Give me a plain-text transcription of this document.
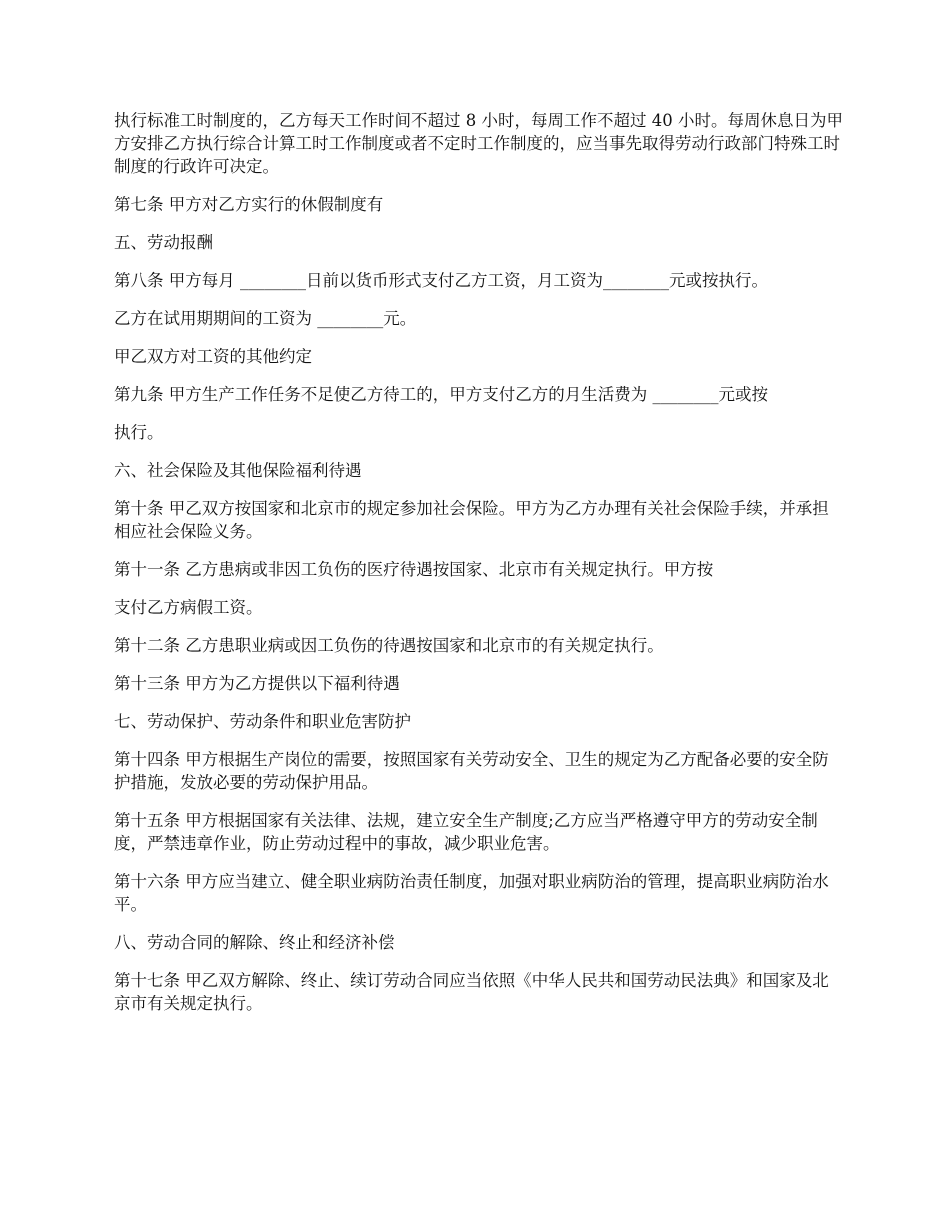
执行标准工时制度的，乙方每天工作时间不超过 8 小时，每周工作不超过 40 小时。每周休息日为甲方安排乙方执行综合计算工时工作制度或者不定时工作制度的，应当事先取得劳动行政部门特殊工时制度的行政许可决定。

第七条 甲方对乙方实行的休假制度有

五、劳动报酬

第八条 甲方每月 ________日前以货币形式支付乙方工资，月工资为________元或按执行。

乙方在试用期期间的工资为 ________元。

甲乙双方对工资的其他约定

第九条 甲方生产工作任务不足使乙方待工的，甲方支付乙方的月生活费为 ________元或按

执行。

六、社会保险及其他保险福利待遇

第十条 甲乙双方按国家和北京市的规定参加社会保险。甲方为乙方办理有关社会保险手续，并承担相应社会保险义务。

第十一条 乙方患病或非因工负伤的医疗待遇按国家、北京市有关规定执行。甲方按

支付乙方病假工资。

第十二条 乙方患职业病或因工负伤的待遇按国家和北京市的有关规定执行。

第十三条 甲方为乙方提供以下福利待遇

七、劳动保护、劳动条件和职业危害防护

第十四条 甲方根据生产岗位的需要，按照国家有关劳动安全、卫生的规定为乙方配备必要的安全防护措施，发放必要的劳动保护用品。

第十五条 甲方根据国家有关法律、法规，建立安全生产制度;乙方应当严格遵守甲方的劳动安全制度，严禁违章作业，防止劳动过程中的事故，减少职业危害。

第十六条 甲方应当建立、健全职业病防治责任制度，加强对职业病防治的管理，提高职业病防治水平。

八、劳动合同的解除、终止和经济补偿

第十七条 甲乙双方解除、终止、续订劳动合同应当依照《中华人民共和国劳动民法典》和国家及北京市有关规定执行。
